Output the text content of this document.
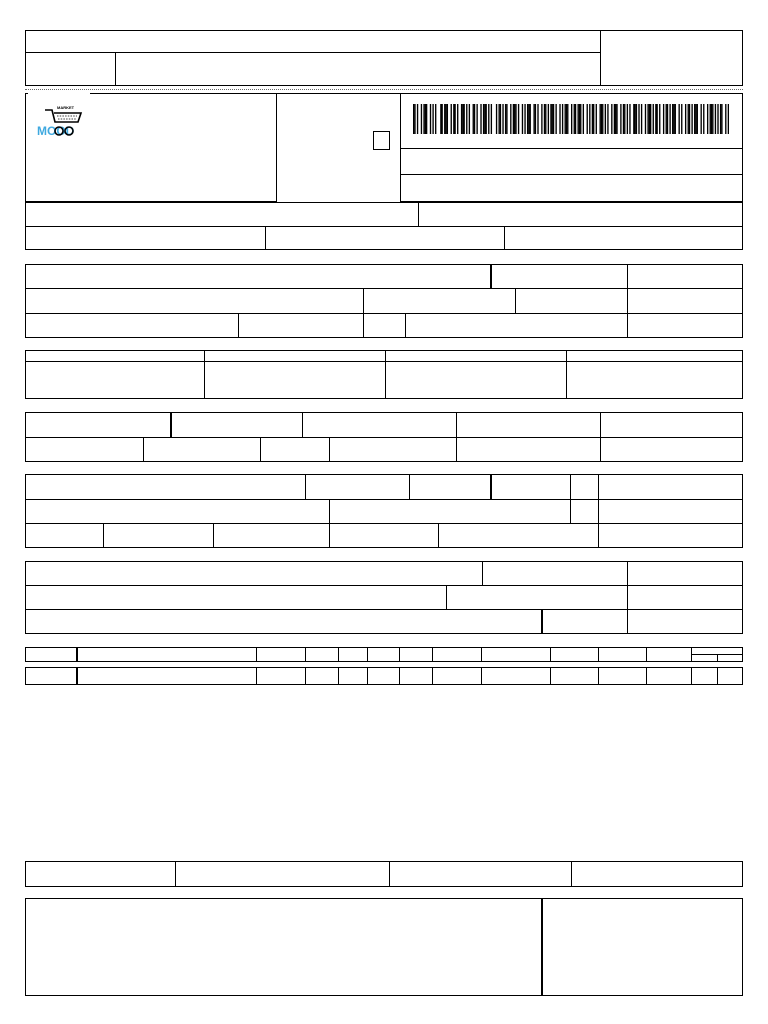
MARKET
MOOD
